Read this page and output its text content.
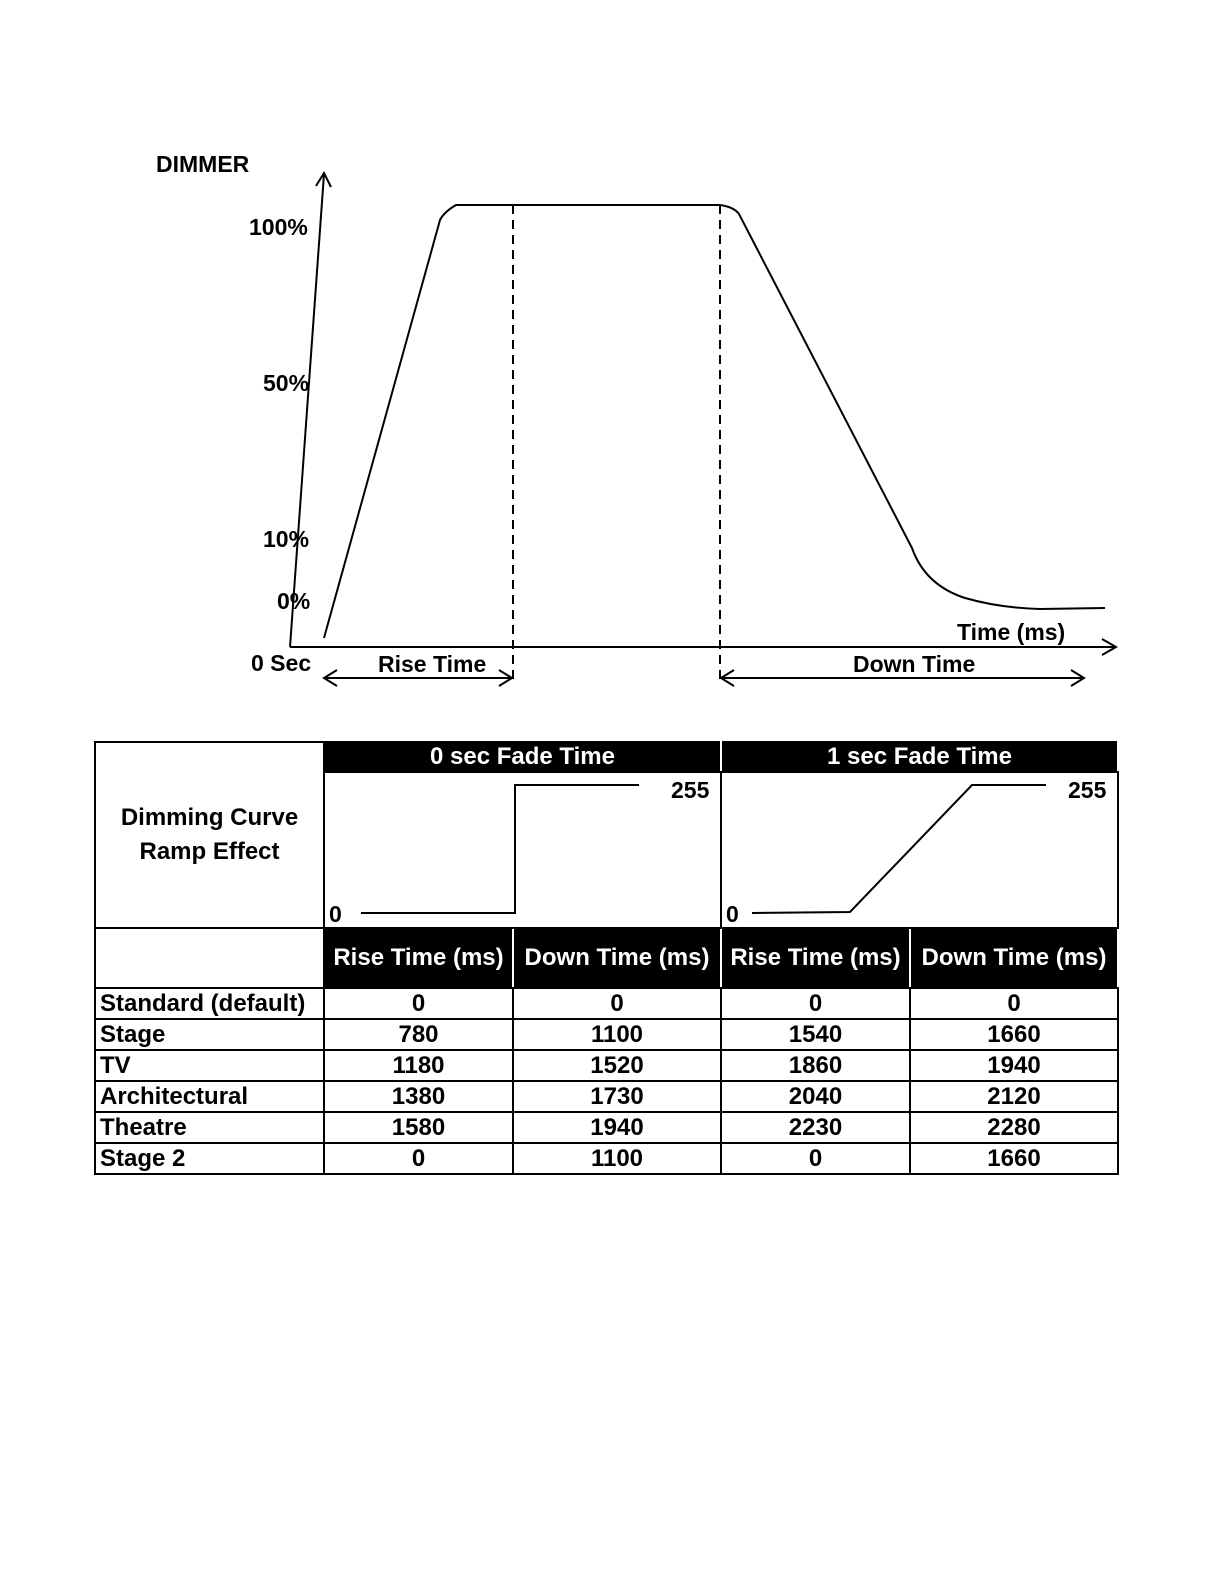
DIMMER
100%
50%
10%
0%
0 Sec
Time (ms)
Rise Time	Down Time
Dimming Curve
Ramp Effect	0 sec Fade Time		1 sec Fade Time	

0
255		0
255	

	Rise Time (ms)	Down Time (ms)	Rise Time (ms)	Down Time (ms)
Standard (default)	0	0	0	0
Stage	780	1100	1540	1660
TV	1180	1520	1860	1940
Architectural	1380	1730	2040	2120
Theatre	1580	1940	2230	2280
Stage 2	0	1100	0	1660
